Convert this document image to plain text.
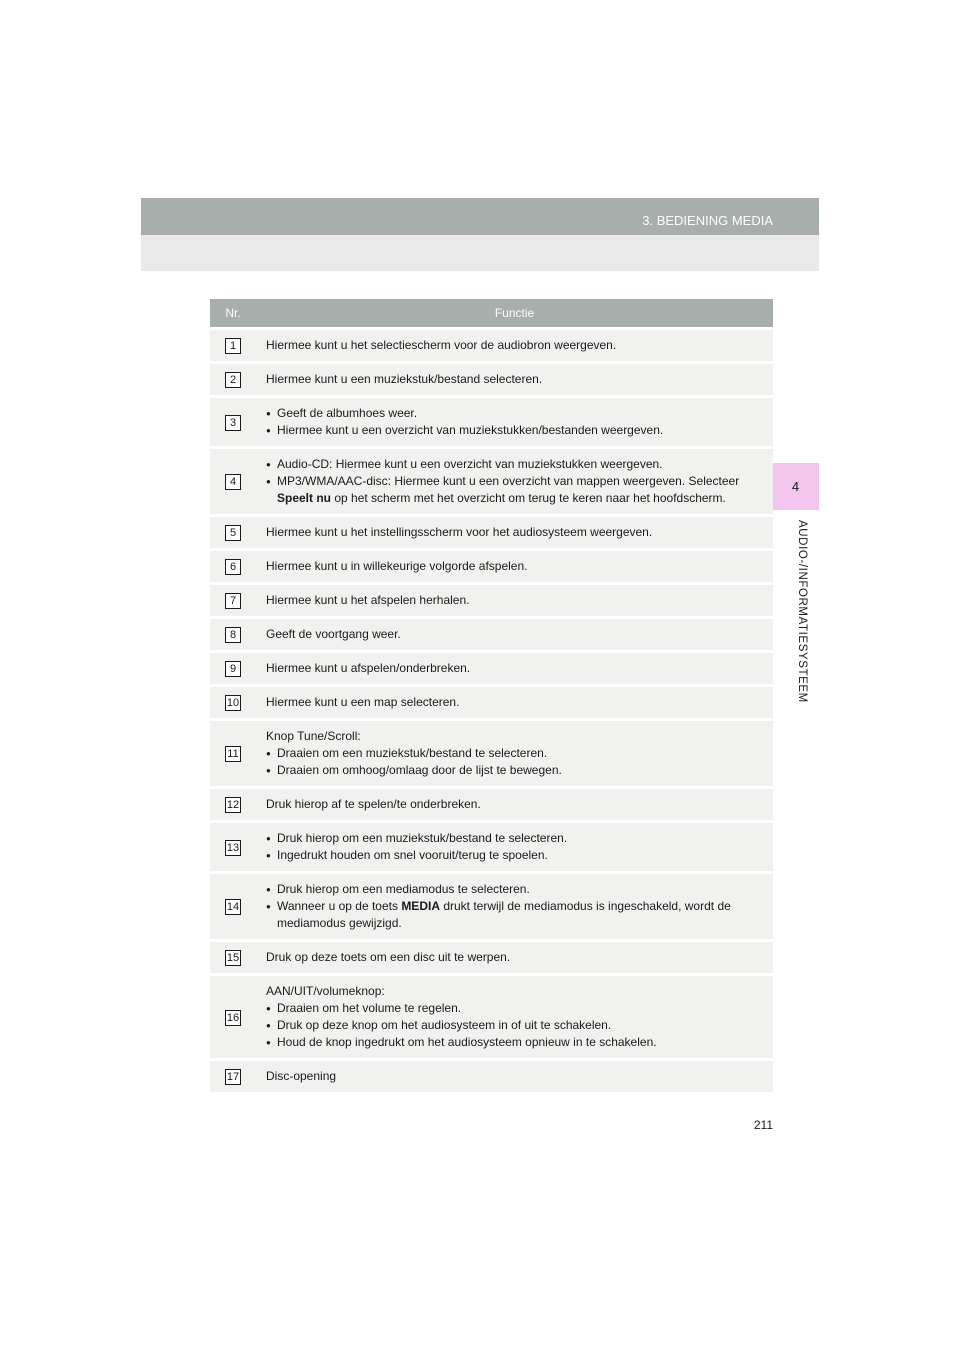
3. BEDIENING MEDIA
4
AUDIO-/INFORMATIESYSTEEM
Nr.	Functie
1	Hiermee kunt u het selectiescherm voor de audiobron weergeven.

2	Hiermee kunt u een muziekstuk/bestand selecteren.

3	● Geeft de albumhoes weer.
● Hiermee kunt u een overzicht van muziekstukken/bestanden weergeven.

4	● Audio-CD: Hiermee kunt u een overzicht van muziekstukken weergeven.
● MP3/WMA/AAC-disc: Hiermee kunt u een overzicht van mappen weergeven. Selecteer Speelt nu op het scherm met het overzicht om terug te keren naar het hoofdscherm.

5	Hiermee kunt u het instellingsscherm voor het audiosysteem weergeven.

6	Hiermee kunt u in willekeurige volgorde afspelen.

7	Hiermee kunt u het afspelen herhalen.

8	Geeft de voortgang weer.

9	Hiermee kunt u afspelen/onderbreken.

10	Hiermee kunt u een map selecteren.

11	Knop Tune/Scroll:
● Draaien om een muziekstuk/bestand te selecteren.
● Draaien om omhoog/omlaag door de lijst te bewegen.

12	Druk hierop af te spelen/te onderbreken.

13	● Druk hierop om een muziekstuk/bestand te selecteren.
● Ingedrukt houden om snel vooruit/terug te spoelen.

14	● Druk hierop om een mediamodus te selecteren.
● Wanneer u op de toets MEDIA drukt terwijl de mediamodus is ingeschakeld, wordt de mediamodus gewijzigd.

15	Druk op deze toets om een disc uit te werpen.

16	AAN/UIT/volumeknop:
● Draaien om het volume te regelen.
● Druk op deze knop om het audiosysteem in of uit te schakelen.
● Houd de knop ingedrukt om het audiosysteem opnieuw in te schakelen.

17	Disc-opening
211
